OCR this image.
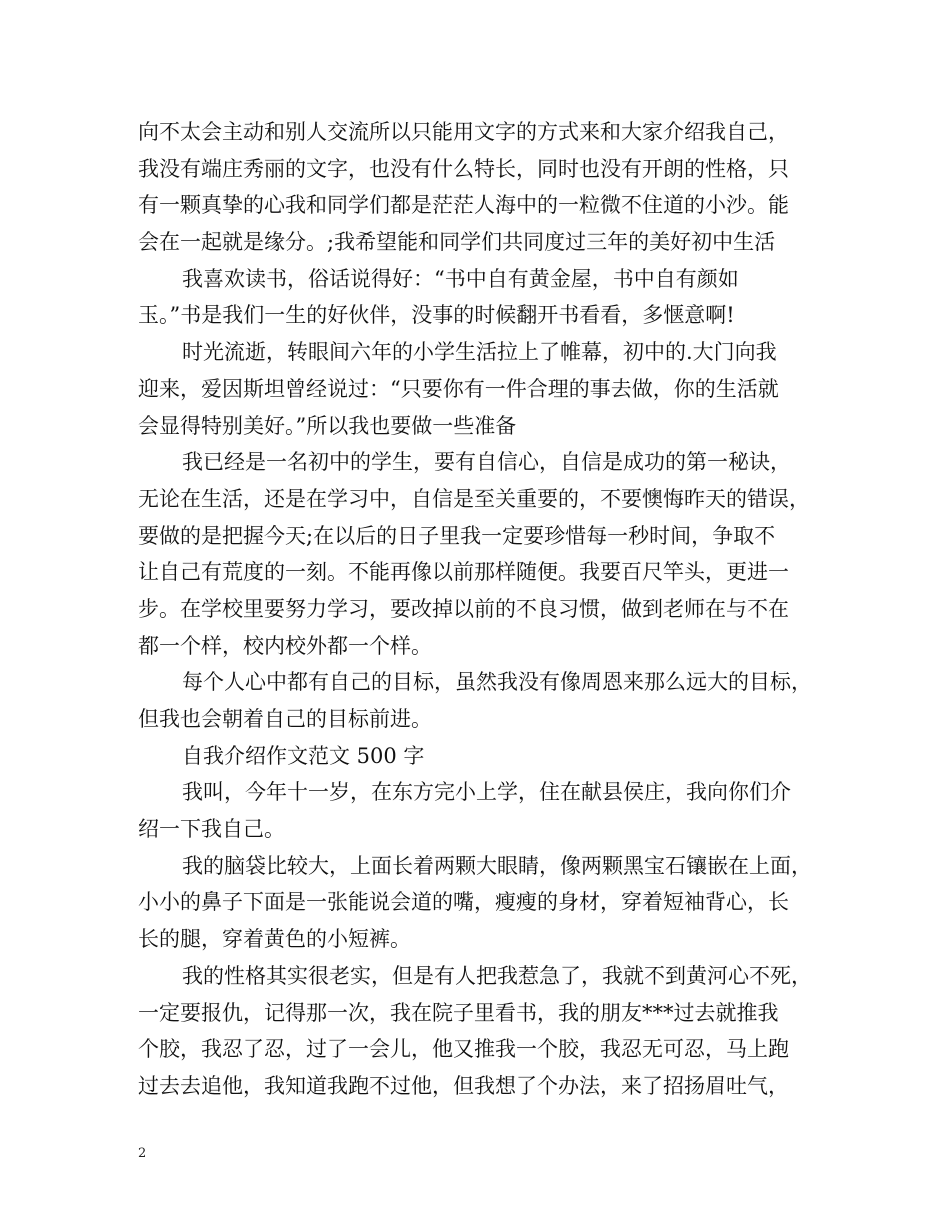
向不太会主动和别人交流所以只能用文字的方式来和大家介绍我自己，
我没有端庄秀丽的文字，也没有什么特长，同时也没有开朗的性格，只
有一颗真挚的心我和同学们都是茫茫人海中的一粒微不住道的小沙。能
会在一起就是缘分。;我希望能和同学们共同度过三年的美好初中生活
我喜欢读书，俗话说得好：“书中自有黄金屋，书中自有颜如
玉。”书是我们一生的好伙伴，没事的时候翻开书看看，多惬意啊!
时光流逝，转眼间六年的小学生活拉上了帷幕，初中的.大门向我
迎来，爱因斯坦曾经说过：“只要你有一件合理的事去做，你的生活就
会显得特别美好。”所以我也要做一些准备
我已经是一名初中的学生，要有自信心，自信是成功的第一秘诀，
无论在生活，还是在学习中，自信是至关重要的，不要懊悔昨天的错误，
要做的是把握今天;在以后的日子里我一定要珍惜每一秒时间，争取不
让自己有荒度的一刻。不能再像以前那样随便。我要百尺竿头，更进一
步。在学校里要努力学习，要改掉以前的不良习惯，做到老师在与不在
都一个样，校内校外都一个样。
每个人心中都有自己的目标，虽然我没有像周恩来那么远大的目标，
但我也会朝着自己的目标前进。
自我介绍作文范文 500 字
我叫，今年十一岁，在东方完小上学，住在献县侯庄，我向你们介
绍一下我自己。
我的脑袋比较大，上面长着两颗大眼睛，像两颗黑宝石镶嵌在上面，
小小的鼻子下面是一张能说会道的嘴，瘦瘦的身材，穿着短袖背心，长
长的腿，穿着黄色的小短裤。
我的性格其实很老实，但是有人把我惹急了，我就不到黄河心不死，
一定要报仇，记得那一次，我在院子里看书，我的朋友***过去就推我
个胶，我忍了忍，过了一会儿，他又推我一个胶，我忍无可忍，马上跑
过去去追他，我知道我跑不过他，但我想了个办法，来了招扬眉吐气，
2
